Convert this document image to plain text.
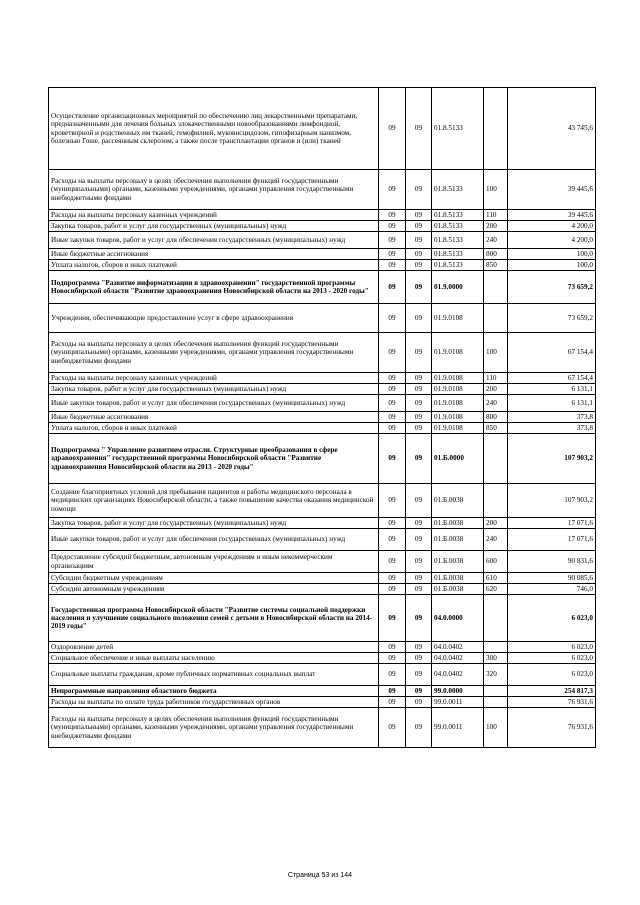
Осуществление организационных мероприятий по обеспечению лиц лекарственными препаратами, предназначенными для лечения больных злокачественными новообразованиями лимфоидной, кроветворной и родственных им тканей, гемофилией, муковисцидозом, гипофизарным нанизмом, болезнью Гоше, рассеянным склерозом, а также после трансплантации органов и (или) тканей	09	09	01.8.5133		43 745,6
Расходы на выплаты персоналу в целях обеспечения выполнения функций государственными (муниципальными) органами, казенными учреждениями, органами управления государственными внебюджетными фондами	09	09	01.8.5133	100	39 445,6
Расходы на выплаты персоналу казенных учреждений	09	09	01.8.5133	110	39 445,6
Закупка товаров, работ и услуг для государственных (муниципальных) нужд	09	09	01.8.5133	200	4 200,0
Иные закупки товаров, работ и услуг для обеспечения государственных (муниципальных) нужд	09	09	01.8.5133	240	4 200,0
Иные бюджетные ассигнования	09	09	01.8.5133	800	100,0
Уплата налогов, сборов и иных платежей	09	09	01.8.5133	850	100,0
Подпрограмма "Развитие информатизации в здравоохранении" государственной программы Новосибирской области "Развитие здравоохранения Новосибирской области на 2013 - 2020 годы"	09	09	01.9.0000		73 659,2
Учреждения, обеспечивающие предоставление услуг в сфере здравоохранения	09	09	01.9.0108		73 659,2
Расходы на выплаты персоналу в целях обеспечения выполнения функций государственными (муниципальными) органами, казенными учреждениями, органами управления государственными внебюджетными фондами	09	09	01.9.0108	100	67 154,4
Расходы на выплаты персоналу казенных учреждений	09	09	01.9.0108	110	67 154,4
Закупка товаров, работ и услуг для государственных (муниципальных) нужд	09	09	01.9.0108	200	6 131,1
Иные закупки товаров, работ и услуг для обеспечения государственных (муниципальных) нужд	09	09	01.9.0108	240	6 131,1
Иные бюджетные ассигнования	09	09	01.9.0108	800	373,8
Уплата налогов, сборов и иных платежей	09	09	01.9.0108	850	373,8
Подпрограмма " Управление развитием отрасли. Структурные преобразования в сфере здравоохранения" государственной программы Новосибирской области "Развитие здравоохранения Новосибирской области на 2013 - 2020 годы"	09	09	01.Б.0000		107 903,2
Создание благоприятных условий для пребывания пациентов и работы медицинского персонала в медицинских организациях Новосибирской области, а также повышение качества оказания медицинской помощи	09	09	01.Б.0038		107 903,2
Закупка товаров, работ и услуг для государственных (муниципальных) нужд	09	09	01.Б.0038	200	17 071,6
Иные закупки товаров, работ и услуг для обеспечения государственных (муниципальных) нужд	09	09	01.Б.0038	240	17 071,6
Предоставление субсидий бюджетным, автономным учреждениям и иным некоммерческим организациям	09	09	01.Б.0038	600	90 831,6
Субсидии бюджетным учреждениям	09	09	01.Б.0038	610	90 085,6
Субсидии автономным учреждениям	09	09	01.Б.0038	620	746,0
Государственная программа Новосибирской области "Развитие системы социальной поддержки населения и улучшение социального положения семей с детьми в Новосибирской области на 2014-2019 годы"	09	09	04.0.0000		6 023,0
Оздоровление детей	09	09	04.0.0402		6 023,0
Социальное обеспечение и иные выплаты населению	09	09	04.0.0402	300	6 023,0
Социальные выплаты гражданам, кроме публичных нормативных социальных выплат	09	09	04.0.0402	320	6 023,0
Непрограммные направления областного бюджета	09	09	99.0.0000		254 817,3
Расходы на выплаты по оплате труда работников государственных органов	09	09	99.0.0011		76 931,6
Расходы на выплаты персоналу в целях обеспечения выполнения функций государственными (муниципальными) органами, казенными учреждениями, органами управления государственными внебюджетными фондами	09	09	99.0.0011	100	76 931,6
Страница 53 из 144
